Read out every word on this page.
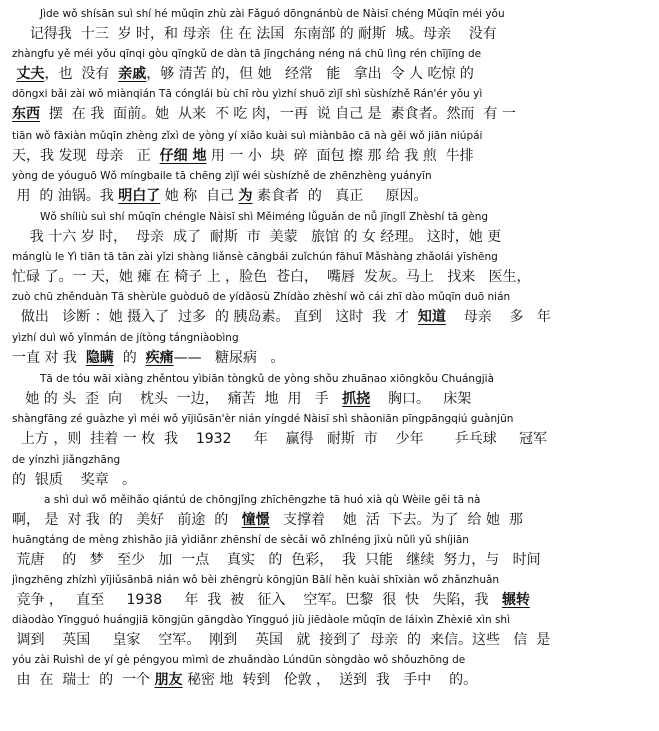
Jìde wǒ shísān suì shí hé mǔqīn zhù zài Fǎguó dōngnánbù de Nàisī chéng Mǔqīn méi yǒu
记得我  十三  岁 时，和 母亲  住 在 法国  东南部 的 耐斯  城。母亲    没有
zhàngfu yě méi yǒu qīnqi gòu qīngkǔ de dàn tā jīngcháng néng ná chū lìng rén chījīng de
丈夫，也  没有  亲戚，够 清苦 的，但 她   经常   能   拿出  令 人 吃惊 的
dōngxi bǎi zài wǒ miànqián Tā cónglái bù chī ròu yìzhí shuō zìjǐ shì sùshízhě Rán'ér yǒu yì
东西  摆  在 我  面前。她  从来  不 吃 肉，一再  说 自己 是  素食者。然而  有 一
tiān wǒ fāxiàn mǔqīn zhèng zǐxì de yòng yí xiǎo kuài suì miànbāo cā nà gěi wǒ jiān niúpái
天，我 发现  母亲   正  仔细 地 用 一 小  块  碎  面包 擦 那 给 我 煎  牛排
yòng de yóuguō Wǒ míngbaile tā chēng zìjǐ wéi sùshízhě de zhēnzhèng yuányīn
用  的 油锅。我 明白了 她 称  自己 为 素食者  的   真正     原因。
Wǒ shíliù suì shí mǔqīn chéngle Nàisī shì Měiméng lǚguǎn de nǚ jīnglǐ Zhèshí tā gèng
我 十六 岁 时，  母亲  成了  耐斯  市  美蒙   旅馆 的 女 经理。 这时，她 更
mánglù le Yì tiān tā tān zài yǐzi shàng liǎnsè cāngbái zuǐchún fāhuī Mǎshàng zhǎolái yīshēng
忙碌 了。一 天，她 瘫 在 椅子 上 ，脸色  苍白，  嘴唇  发灰。马上   找来   医生，
zuò chū zhěnduàn Tā shèrùle guòduō de yídǎosù Zhídào zhèshí wǒ cái zhī dào mǔqīn duō nián
做出   诊断 ：她 摄入了  过多  的 胰岛素。 直到   这时  我  才  知道    母亲    多   年
yìzhí duì wǒ yǐnmán de jítòng tángniàobìng
一直 对 我  隐瞒  的  疾痛——   糖尿病   。
Tā de tóu wāi xiàng zhěntou yìbiān tòngkǔ de yòng shǒu zhuānao xiōngkǒu Chuángjià
她 的 头  歪  向    枕头  一边，  痛苦  地  用   手   抓挠    胸口。   床架
shàngfāng zé guàzhe yì méi wǒ yījiǔsān'èr nián yíngdé Nàisī shì shàoniān pīngpāngqiú guànjūn
上方 ，则  挂着 一 枚  我    1932     年    赢得   耐斯  市    少年       乒乓球     冠军
de yínzhì jiǎngzhāng
的  银质    奖章   。
a shì duì wǒ měihǎo qiántú de chōngjǐng zhīchēngzhe tā huó xià qù Wèile gěi tā nà
啊， 是  对 我  的   美好   前途  的   憧憬   支撑着    她  活  下去。为了  给 她  那
huāngtáng de mèng zhìshǎo jiā yìdiǎnr zhēnshí de sècǎi wǒ zhǐnéng jìxù nǔlì yǔ shíjiān
荒唐    的   梦   至少   加  一点    真实   的  色彩，  我  只能   继续  努力，与   时间
jìngzhēng zhízhì yījiǔsānbā nián wǒ bèi zhēngrù kōngjūn Bālí hěn kuài shīxiàn wǒ zhǎnzhuǎn
竞争 ，   直至     1938     年  我  被   征入    空军。巴黎  很  快   失陷，我   辗转
diàodào Yīngguó huángjiā kōngjūn gāngdào Yīngguó jiù jiēdàole mǔqīn de láixìn Zhèxiē xìn shì
调到    英国     皇家    空军。  刚到    英国   就  接到了  母亲  的  来信。这些   信  是
yóu zài Ruìshì de yí gè péngyou mìmì de zhuǎndào Lúndūn sòngdào wǒ shǒuzhōng de
由  在  瑞士  的  一个 朋友 秘密 地  转到   伦敦 ，  送到  我   手中    的。
